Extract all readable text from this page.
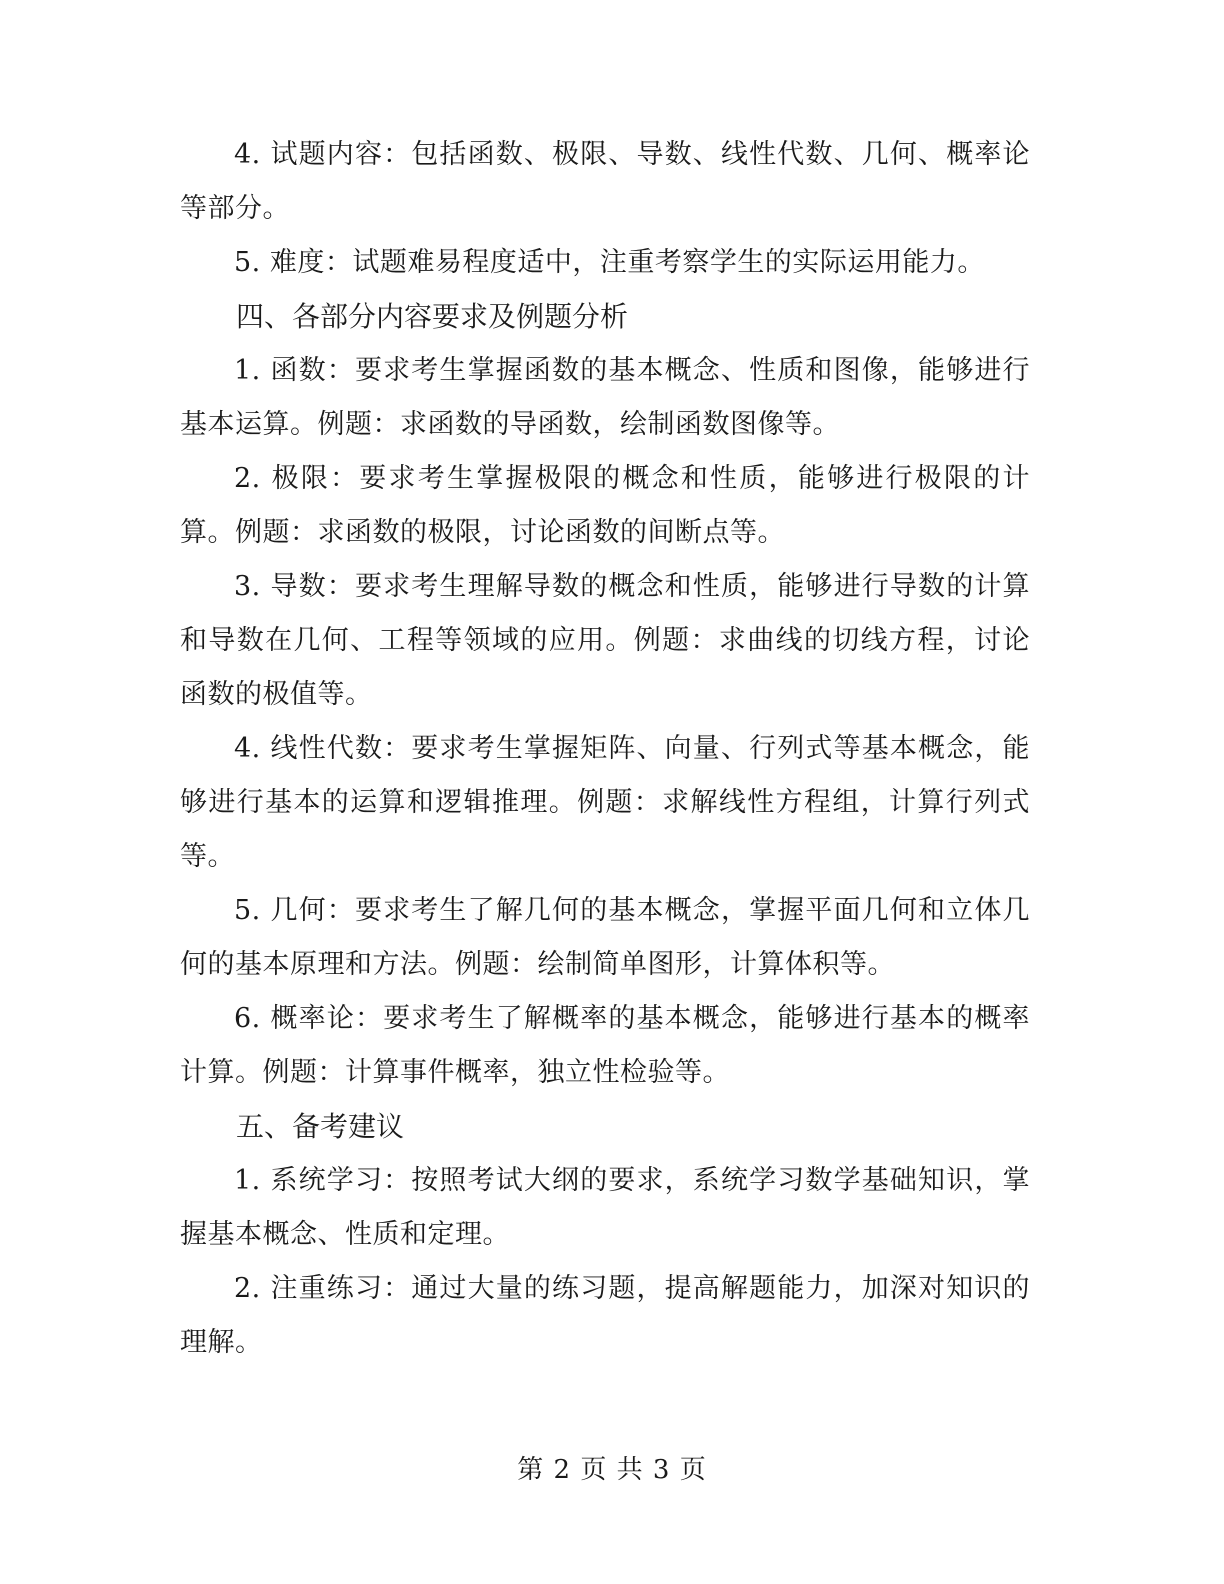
4. 试题内容：包括函数、极限、导数、线性代数、几何、概率论等部分。

5. 难度：试题难易程度适中，注重考察学生的实际运用能力。

四、各部分内容要求及例题分析

1. 函数：要求考生掌握函数的基本概念、性质和图像，能够进行基本运算。例题：求函数的导函数，绘制函数图像等。

2. 极限：要求考生掌握极限的概念和性质，能够进行极限的计算。例题：求函数的极限，讨论函数的间断点等。

3. 导数：要求考生理解导数的概念和性质，能够进行导数的计算和导数在几何、工程等领域的应用。例题：求曲线的切线方程，讨论函数的极值等。

4. 线性代数：要求考生掌握矩阵、向量、行列式等基本概念，能够进行基本的运算和逻辑推理。例题：求解线性方程组，计算行列式等。

5. 几何：要求考生了解几何的基本概念，掌握平面几何和立体几何的基本原理和方法。例题：绘制简单图形，计算体积等。

6. 概率论：要求考生了解概率的基本概念，能够进行基本的概率计算。例题：计算事件概率，独立性检验等。

五、备考建议

1. 系统学习：按照考试大纲的要求，系统学习数学基础知识，掌握基本概念、性质和定理。

2. 注重练习：通过大量的练习题，提高解题能力，加深对知识的理解。

第 2 页 共 3 页
